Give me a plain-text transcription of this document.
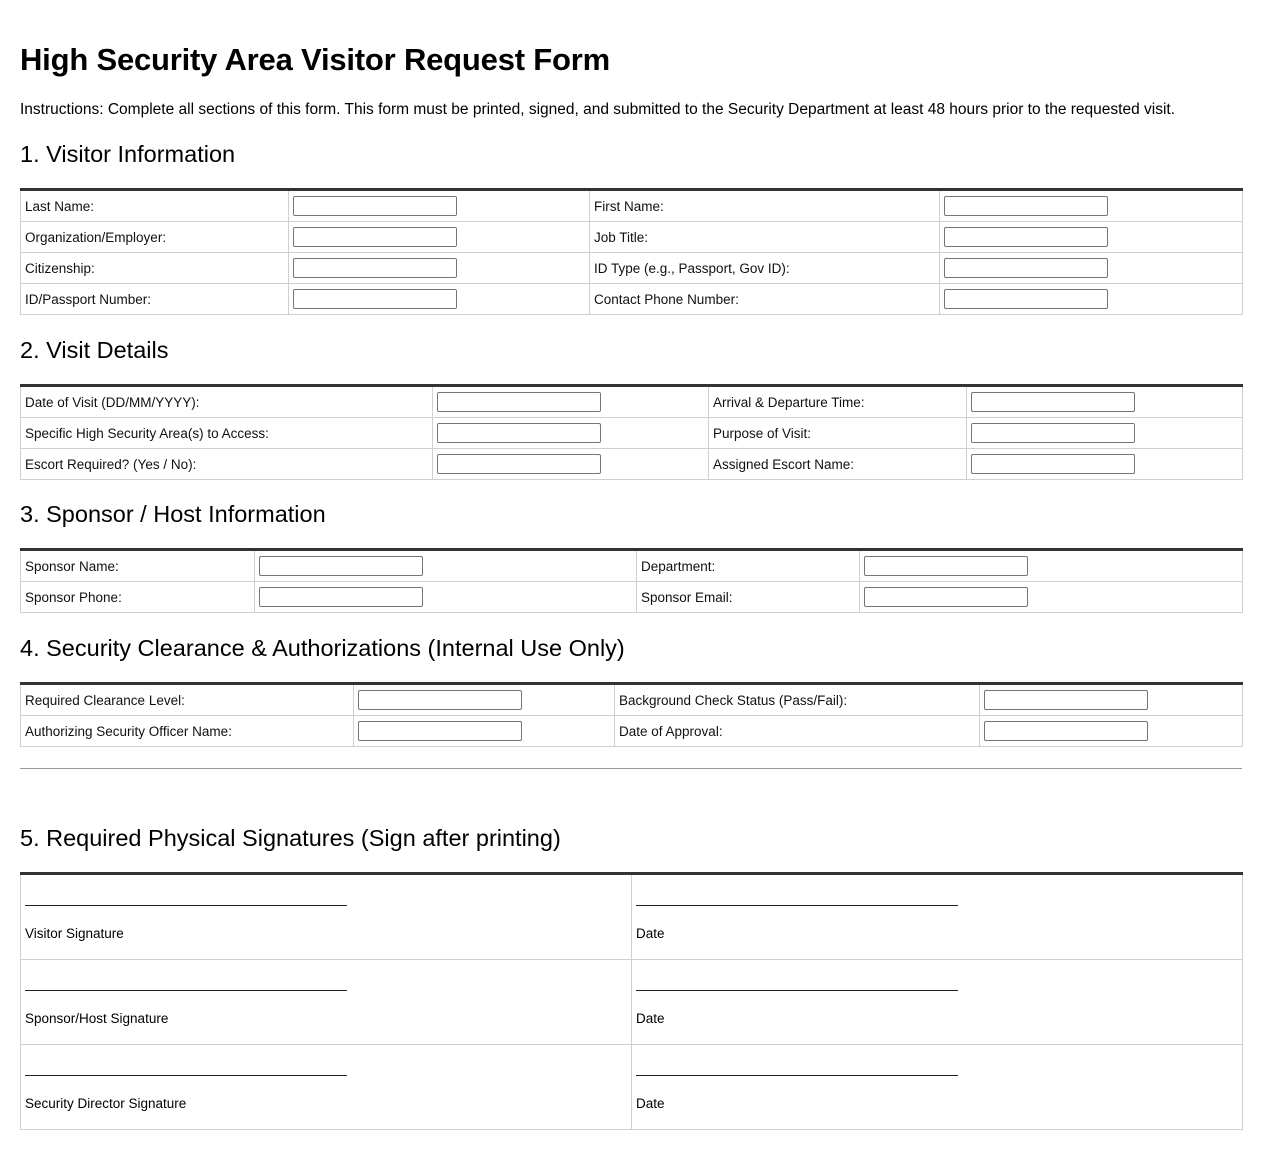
High Security Area Visitor Request Form

Instructions: Complete all sections of this form. This form must be printed, signed, and submitted to the Security Department at least 48 hours prior to the requested visit.

1. Visitor Information
Last Name:		First Name:	

Organization/Employer:		Job Title:	

Citizenship:		ID Type (e.g., Passport, Gov ID):	

ID/Passport Number:		Contact Phone Number:	
2. Visit Details
Date of Visit (DD/MM/YYYY):		Arrival & Departure Time:	

Specific High Security Area(s) to Access:		Purpose of Visit:	

Escort Required? (Yes / No):		Assigned Escort Name:	
3. Sponsor / Host Information
Sponsor Name:		Department:	

Sponsor Phone:		Sponsor Email:	
4. Security Clearance & Authorizations (Internal Use Only)
Required Clearance Level:		Background Check Status (Pass/Fail):	

Authorizing Security Officer Name:		Date of Approval:	
5. Required Physical Signatures (Sign after printing)
Visitor Signature	Date

Sponsor/Host Signature	Date

Security Director Signature	Date
